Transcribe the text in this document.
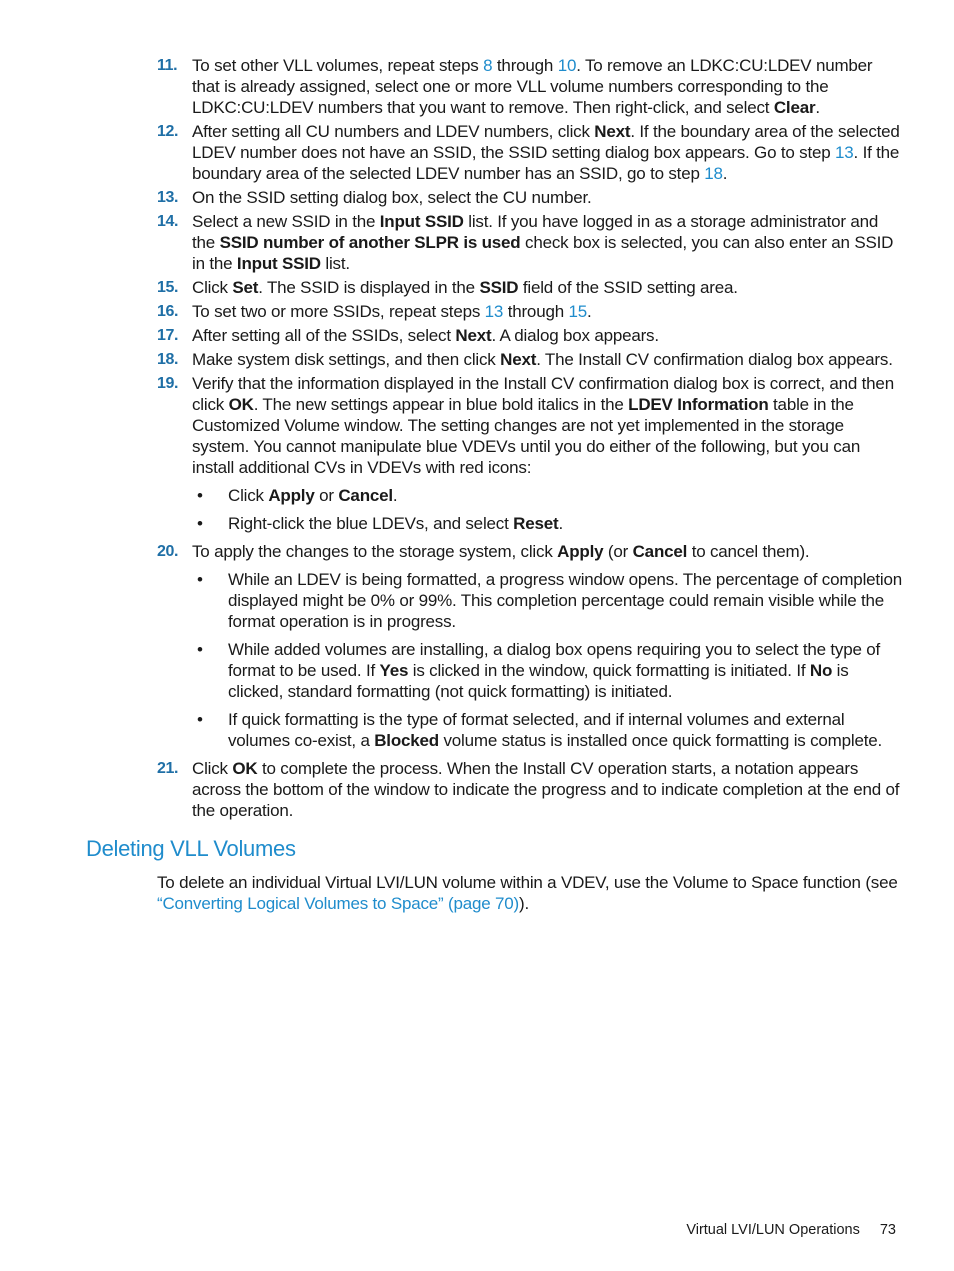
11. To set other VLL volumes, repeat steps 8 through 10. To remove an LDKC:CU:LDEV number that is already assigned, select one or more VLL volume numbers corresponding to the LDKC:CU:LDEV numbers that you want to remove. Then right-click, and select Clear.
12. After setting all CU numbers and LDEV numbers, click Next. If the boundary area of the selected LDEV number does not have an SSID, the SSID setting dialog box appears. Go to step 13. If the boundary area of the selected LDEV number has an SSID, go to step 18.
13. On the SSID setting dialog box, select the CU number.
14. Select a new SSID in the Input SSID list. If you have logged in as a storage administrator and the SSID number of another SLPR is used check box is selected, you can also enter an SSID in the Input SSID list.
15. Click Set. The SSID is displayed in the SSID field of the SSID setting area.
16. To set two or more SSIDs, repeat steps 13 through 15.
17. After setting all of the SSIDs, select Next. A dialog box appears.
18. Make system disk settings, and then click Next. The Install CV confirmation dialog box appears.
19. Verify that the information displayed in the Install CV confirmation dialog box is correct, and then click OK. The new settings appear in blue bold italics in the LDEV Information table in the Customized Volume window. The setting changes are not yet implemented in the storage system. You cannot manipulate blue VDEVs until you do either of the following, but you can install additional CVs in VDEVs with red icons:
• Click Apply or Cancel.
• Right-click the blue LDEVs, and select Reset.
20. To apply the changes to the storage system, click Apply (or Cancel to cancel them).
• While an LDEV is being formatted, a progress window opens. The percentage of completion displayed might be 0% or 99%. This completion percentage could remain visible while the format operation is in progress.
• While added volumes are installing, a dialog box opens requiring you to select the type of format to be used. If Yes is clicked in the window, quick formatting is initiated. If No is clicked, standard formatting (not quick formatting) is initiated.
• If quick formatting is the type of format selected, and if internal volumes and external volumes co-exist, a Blocked volume status is installed once quick formatting is complete.
21. Click OK to complete the process. When the Install CV operation starts, a notation appears across the bottom of the window to indicate the progress and to indicate completion at the end of the operation.
Deleting VLL Volumes
To delete an individual Virtual LVI/LUN volume within a VDEV, use the Volume to Space function (see “Converting Logical Volumes to Space” (page 70)).
Virtual LVI/LUN Operations 73
